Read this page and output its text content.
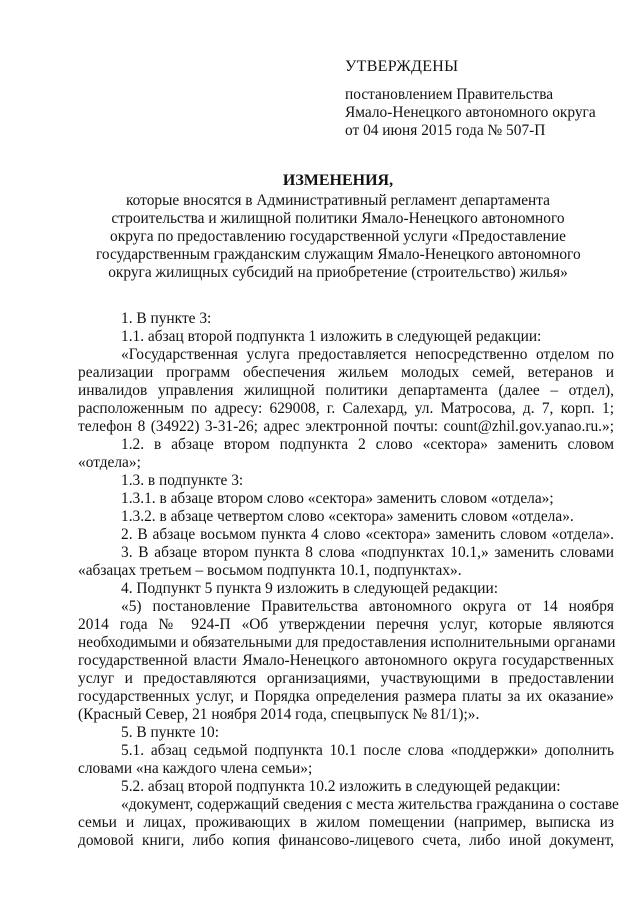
УТВЕРЖДЕНЫ
постановлением Правительства
Ямало-Ненецкого автономного округа
от 04 июня 2015 года № 507-П
ИЗМЕНЕНИЯ,
которые вносятся в Административный регламент департамента
строительства и жилищной политики Ямало-Ненецкого автономного
округа по предоставлению государственной услуги «Предоставление
государственным гражданским служащим Ямало-Ненецкого автономного
округа жилищных субсидий на приобретение (строительство) жилья»
1. В пункте 3:
1.1. абзац второй подпункта 1 изложить в следующей редакции:
«Государственная услуга предоставляется непосредственно отделом по
реализации программ обеспечения жильем молодых семей, ветеранов и
инвалидов управления жилищной политики департамента (далее – отдел),
расположенным по адресу: 629008, г. Салехард, ул. Матросова, д. 7, корп. 1;
телефон 8 (34922) 3-31-26; адрес электронной почты: count@zhil.gov.yanao.ru.»;
1.2. в абзаце втором подпункта 2 слово «сектора» заменить словом
«отдела»;
1.3. в подпункте 3:
1.3.1. в абзаце втором слово «сектора» заменить словом «отдела»;
1.3.2. в абзаце четвертом слово «сектора» заменить словом «отдела».
2. В абзаце восьмом пункта 4 слово «сектора» заменить словом «отдела».
3. В абзаце втором пункта 8 слова «подпунктах 10.1,» заменить словами
«абзацах третьем – восьмом подпункта 10.1, подпунктах».
4. Подпункт 5 пункта 9 изложить в следующей редакции:
«5) постановление Правительства автономного округа от 14 ноября
2014 года № 924-П «Об утверждении перечня услуг, которые являются
необходимыми и обязательными для предоставления исполнительными органами
государственной власти Ямало-Ненецкого автономного округа государственных
услуг и предоставляются организациями, участвующими в предоставлении
государственных услуг, и Порядка определения размера платы за их оказание»
(Красный Север, 21 ноября 2014 года, спецвыпуск № 81/1);».
5. В пункте 10:
5.1. абзац седьмой подпункта 10.1 после слова «поддержки» дополнить
словами «на каждого члена семьи»;
5.2. абзац второй подпункта 10.2 изложить в следующей редакции:
«документ, содержащий сведения с места жительства гражданина о составе
семьи и лицах, проживающих в жилом помещении (например, выписка из
домовой книги, либо копия финансово-лицевого счета, либо иной документ,
